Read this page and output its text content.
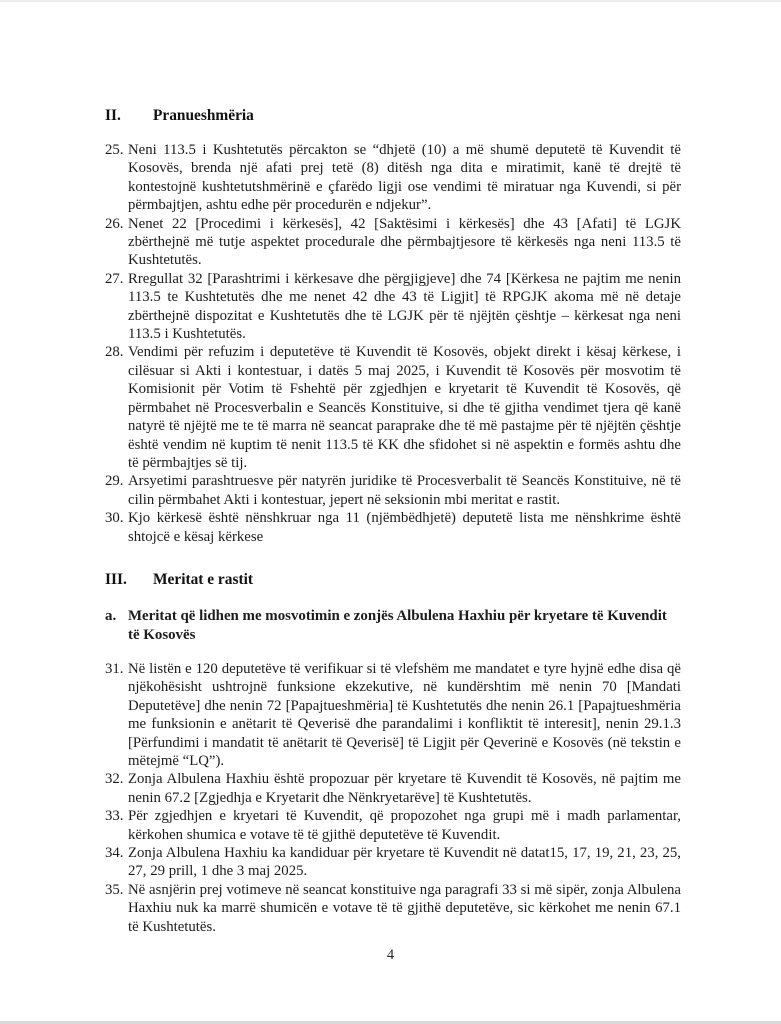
II. Pranueshmëria
25. Neni 113.5 i Kushtetutës përcakton se “dhjetë (10) a më shumë deputetë të Kuvendit të Kosovës, brenda një afati prej tetë (8) ditësh nga dita e miratimit, kanë të drejtë të kontestojnë kushtetutshmërinë e çfarëdo ligji ose vendimi të miratuar nga Kuvendi, si për përmbajtjen, ashtu edhe për procedurën e ndjekur”.
26. Nenet 22 [Procedimi i kërkesës], 42 [Saktësimi i kërkesës] dhe 43 [Afati] të LGJK zbërthejnë më tutje aspektet procedurale dhe përmbajtjesore të kërkesës nga neni 113.5 të Kushtetutës.
27. Rregullat 32 [Parashtrimi i kërkesave dhe përgjigjeve] dhe 74 [Kërkesa ne pajtim me nenin 113.5 te Kushtetutës dhe me nenet 42 dhe 43 të Ligjit] të RPGJK akoma më në detaje zbërthejnë dispozitat e Kushtetutës dhe të LGJK për të njëjtën çështje – kërkesat nga neni 113.5 i Kushtetutës.
28. Vendimi për refuzim i deputetëve të Kuvendit të Kosovës, objekt direkt i kësaj kërkese, i cilësuar si Akti i kontestuar, i datës 5 maj 2025, i Kuvendit të Kosovës për mosvotim të Komisionit për Votim të Fshehtë për zgjedhjen e kryetarit të Kuvendit të Kosovës, që përmbahet në Procesverbalin e Seancës Konstituive, si dhe të gjitha vendimet tjera që kanë natyrë të njëjtë me te të marra në seancat paraprake dhe të më pastajme për të njëjtën çështje është vendim në kuptim të nenit 113.5 të KK dhe sfidohet si në aspektin e formës ashtu dhe të përmbajtjes së tij.
29. Arsyetimi parashtruesve për natyrën juridike të Procesverbalit të Seancës Konstituive, në të cilin përmbahet Akti i kontestuar, jepert në seksionin mbi meritat e rastit.
30. Kjo kërkesë është nënshkruar nga 11 (njëmbëdhjetë) deputetë lista me nënshkrime është shtojcë e kësaj kërkese
III. Meritat e rastit
a. Meritat që lidhen me mosvotimin e zonjës Albulena Haxhiu për kryetare të Kuvendit të Kosovës
31. Në listën e 120 deputetëve të verifikuar si të vlefshëm me mandatet e tyre hyjnë edhe disa që njëkohësisht ushtrojnë funksione ekzekutive, në kundërshtim më nenin 70 [Mandati Deputetëve] dhe nenin 72 [Papajtueshmëria] të Kushtetutës dhe nenin 26.1 [Papajtueshmëria me funksionin e anëtarit të Qeverisë dhe parandalimi i konfliktit të interesit], nenin 29.1.3 [Përfundimi i mandatit të anëtarit të Qeverisë] të Ligjit për Qeverinë e Kosovës (në tekstin e mëtejmë “LQ”).
32. Zonja Albulena Haxhiu është propozuar për kryetare të Kuvendit të Kosovës, në pajtim me nenin 67.2 [Zgjedhja e Kryetarit dhe Nënkryetarëve] të Kushtetutës.
33. Për zgjedhjen e kryetari të Kuvendit, që propozohet nga grupi më i madh parlamentar, kërkohen shumica e votave të të gjithë deputetëve të Kuvendit.
34. Zonja Albulena Haxhiu ka kandiduar për kryetare të Kuvendit në datat15, 17, 19, 21, 23, 25, 27, 29 prill, 1 dhe 3 maj 2025.
35. Në asnjërin prej votimeve në seancat konstituive nga paragrafi 33 si më sipër, zonja Albulena Haxhiu nuk ka marrë shumicën e votave të të gjithë deputetëve, sic kërkohet me nenin 67.1 të Kushtetutës.
4
